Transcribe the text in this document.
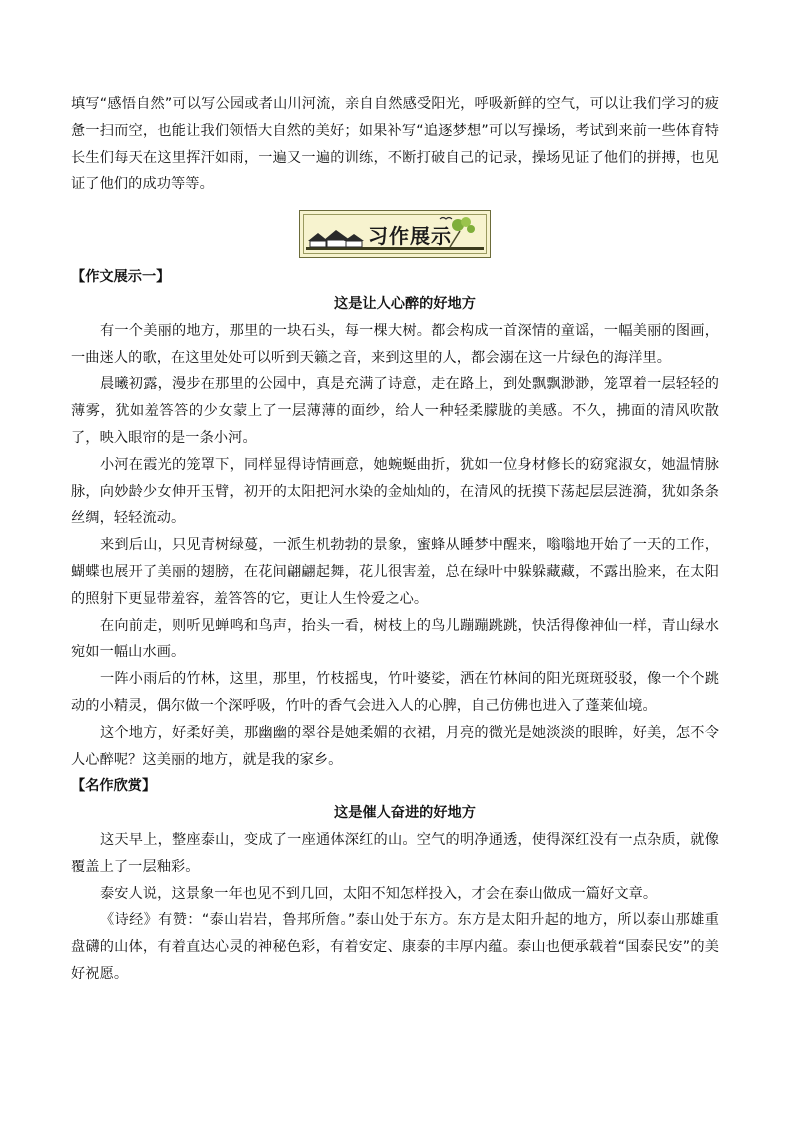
填写“感悟自然”可以写公园或者山川河流，亲自自然感受阳光，呼吸新鲜的空气，可以让我们学习的疲惫一扫而空，也能让我们领悟大自然的美好；如果补写“追逐梦想”可以写操场，考试到来前一些体育特长生们每天在这里挥汗如雨，一遍又一遍的训练，不断打破自己的记录，操场见证了他们的拼搏，也见证了他们的成功等等。

习作展示

【作文展示一】

这是让人心醉的好地方

有一个美丽的地方，那里的一块石头，每一棵大树。都会构成一首深情的童谣，一幅美丽的图画，一曲迷人的歌，在这里处处可以听到天籁之音，来到这里的人，都会溺在这一片绿色的海洋里。

晨曦初露，漫步在那里的公园中，真是充满了诗意，走在路上，到处飘飘渺渺，笼罩着一层轻轻的薄雾，犹如羞答答的少女蒙上了一层薄薄的面纱，给人一种轻柔朦胧的美感。不久，拂面的清风吹散了，映入眼帘的是一条小河。

小河在霞光的笼罩下，同样显得诗情画意，她蜿蜒曲折，犹如一位身材修长的窈窕淑女，她温情脉脉，向妙龄少女伸开玉臂，初开的太阳把河水染的金灿灿的，在清风的抚摸下荡起层层涟漪，犹如条条丝绸，轻轻流动。

来到后山，只见青树绿蔓，一派生机勃勃的景象，蜜蜂从睡梦中醒来，嗡嗡地开始了一天的工作，蝴蝶也展开了美丽的翅膀，在花间翩翩起舞，花儿很害羞，总在绿叶中躲躲藏藏，不露出脸来，在太阳的照射下更显带羞容，羞答答的它，更让人生怜爱之心。

在向前走，则听见蝉鸣和鸟声，抬头一看，树枝上的鸟儿蹦蹦跳跳，快活得像神仙一样，青山绿水宛如一幅山水画。

一阵小雨后的竹林，这里，那里，竹枝摇曳，竹叶婆娑，洒在竹林间的阳光斑斑驳驳，像一个个跳动的小精灵，偶尔做一个深呼吸，竹叶的香气会进入人的心脾，自己仿佛也进入了蓬莱仙境。

这个地方，好柔好美，那幽幽的翠谷是她柔媚的衣裙，月亮的微光是她淡淡的眼眸，好美，怎不令人心醉呢？这美丽的地方，就是我的家乡。

【名作欣赏】

这是催人奋进的好地方

这天早上，整座泰山，变成了一座通体深红的山。空气的明净通透，使得深红没有一点杂质，就像覆盖上了一层釉彩。

泰安人说，这景象一年也见不到几回，太阳不知怎样投入，才会在泰山做成一篇好文章。

《诗经》有赞：“泰山岩岩，鲁邦所詹。”泰山处于东方。东方是太阳升起的地方，所以泰山那雄重盘礴的山体，有着直达心灵的神秘色彩，有着安定、康泰的丰厚内蕴。泰山也便承载着“国泰民安”的美好祝愿。
